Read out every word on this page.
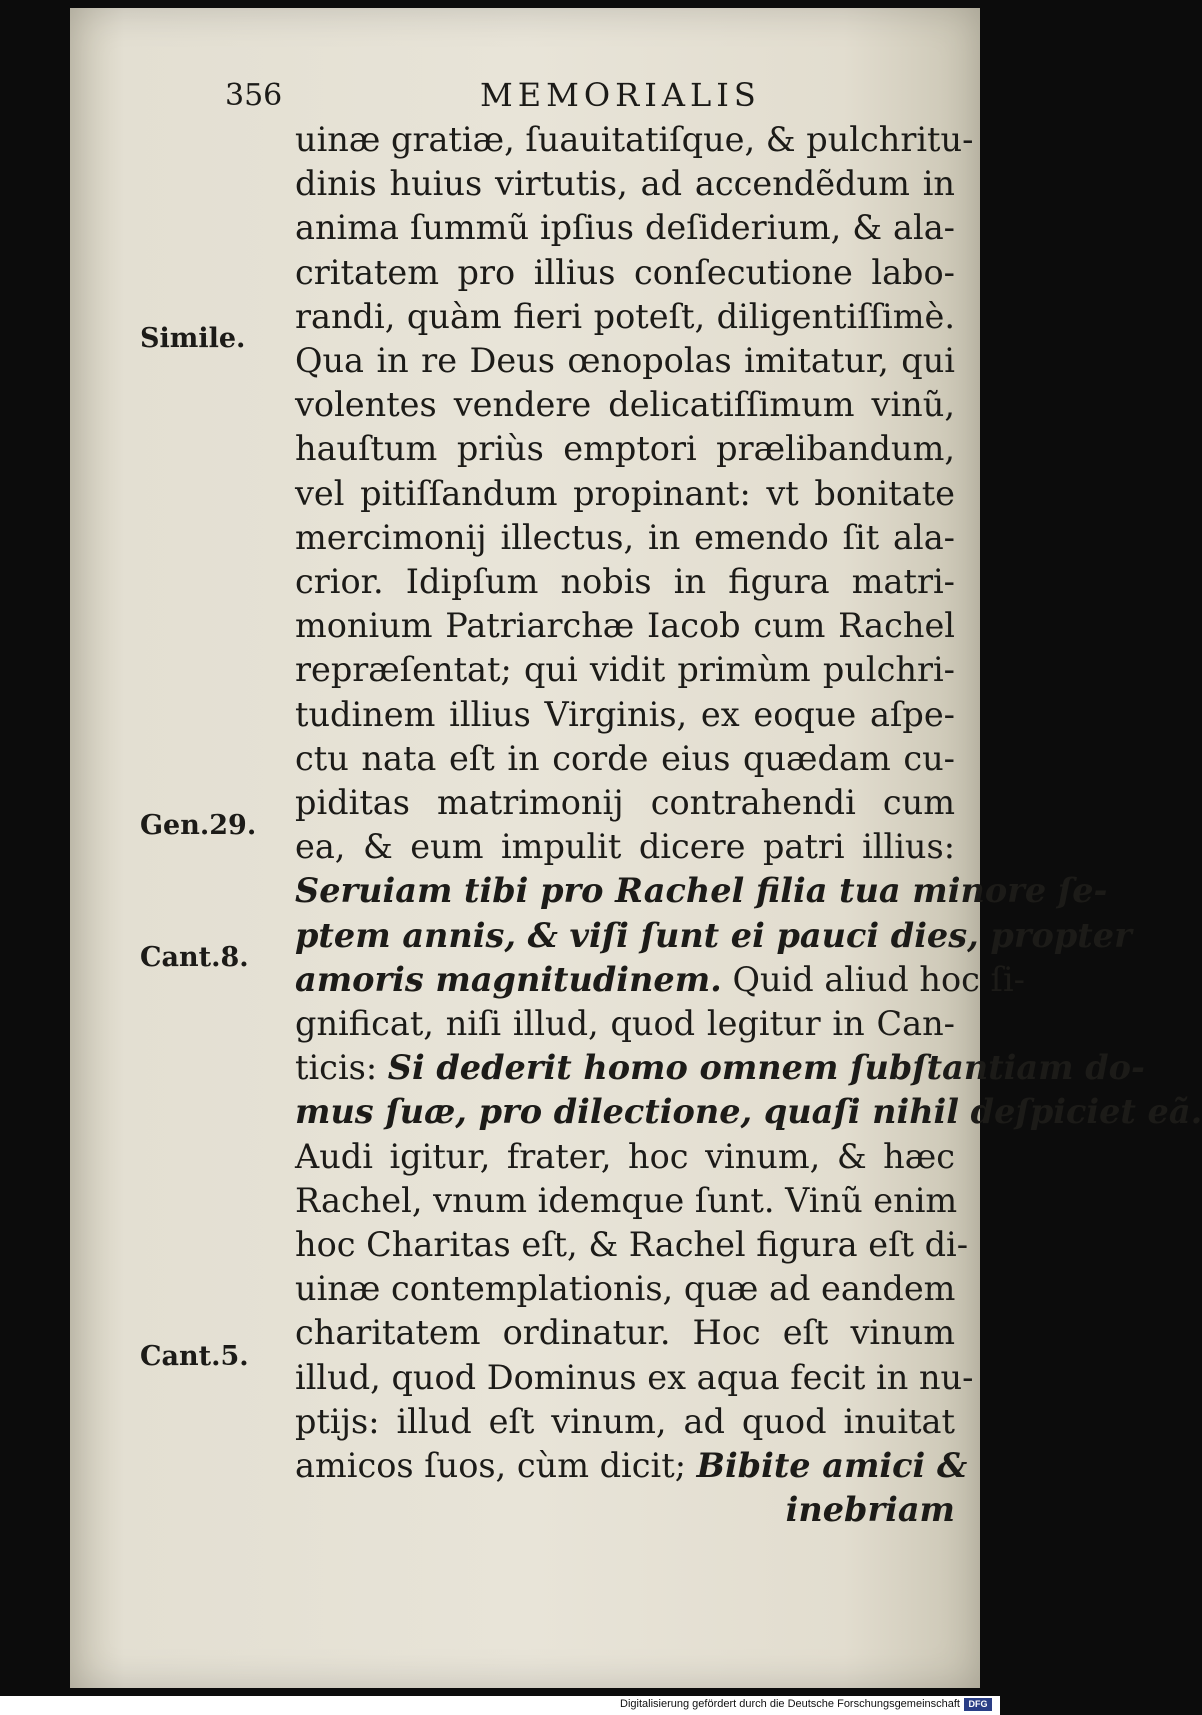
356	MEMORIALIS
Simile.
Gen.29.
Cant.8.
Cant.5.
uinæ gratiæ, ſuauitatiſque, & pulchritu-
dinis huius virtutis, ad accendẽdum in
anima ſummũ ipſius deſiderium, & ala-
critatem pro illius conſecutione labo-
randi, quàm fieri poteſt, diligentiſſimè.
Qua in re Deus œnopolas imitatur, qui
volentes vendere delicatiſſimum vinũ,
hauſtum priùs emptori prælibandum,
vel pitiſſandum propinant: vt bonitate
mercimonij illectus, in emendo ſit ala-
crior. Idipſum nobis in figura matri-
monium Patriarchæ Iacob cum Rachel
repræſentat; qui vidit primùm pulchri-
tudinem illius Virginis, ex eoque aſpe-
ctu nata eſt in corde eius quædam cu-
piditas matrimonij contrahendi cum
ea, & eum impulit dicere patri illius:
Seruiam tibi pro Rachel filia tua minore ſe-
ptem annis, & viſi ſunt ei pauci dies, propter
amoris magnitudinem. Quid aliud hoc ſi-
gnificat, niſi illud, quod legitur in Can-
ticis: Si dederit homo omnem ſubſtantiam do-
mus ſuæ, pro dilectione, quaſi nihil deſpiciet eã.
Audi igitur, frater, hoc vinum, & hæc
Rachel, vnum idemque ſunt. Vinũ enim
hoc Charitas eſt, & Rachel figura eſt di-
uinæ contemplationis, quæ ad eandem
charitatem ordinatur. Hoc eſt vinum
illud, quod Dominus ex aqua fecit in nu-
ptijs: illud eſt vinum, ad quod inuitat
amicos ſuos, cùm dicit; Bibite amici &
inebriam
Digitalisierung gefördert durch die Deutsche Forschungsgemeinschaft DFG
